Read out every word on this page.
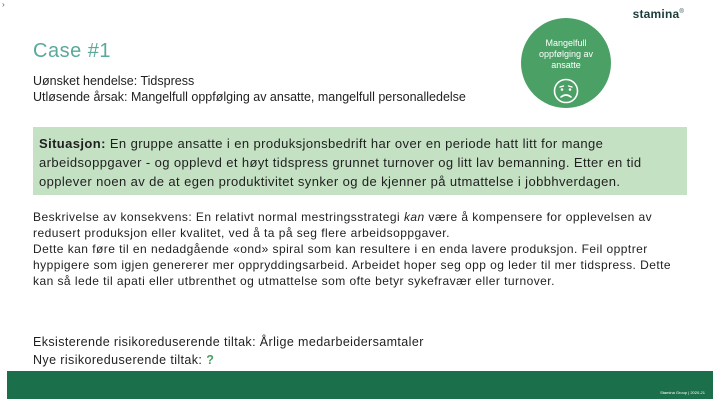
›
stamina®
Case #1
Uønsket hendelse: Tidspress
Utløsende årsak: Mangelfull oppfølging av ansatte, mangelfull personalledelse
Mangelfull oppfølging av ansatte
Situasjon: En gruppe ansatte i en produksjonsbedrift har over en periode hatt litt for mange arbeidsoppgaver - og opplevd et høyt tidspress grunnet turnover og litt lav bemanning. Etter en tid opplever noen av de at egen produktivitet synker og de kjenner på utmattelse i jobbhverdagen.

Beskrivelse av konsekvens: En relativt normal mestringsstrategi kan være å kompensere for opplevelsen av redusert produksjon eller kvalitet, ved å ta på seg flere arbeidsoppgaver.

Dette kan føre til en nedadgående «ond» spiral som kan resultere i en enda lavere produksjon. Feil opptrer hyppigere som igjen genererer mer oppryddingsarbeid. Arbeidet hoper seg opp og leder til mer tidspress. Dette kan så lede til apati eller utbrenthet og utmattelse som ofte betyr sykefravær eller turnover.

Eksisterende risikoreduserende tiltak: Årlige medarbeidersamtaler
Nye risikoreduserende tiltak: ?
Stamina Group | 2020-21
